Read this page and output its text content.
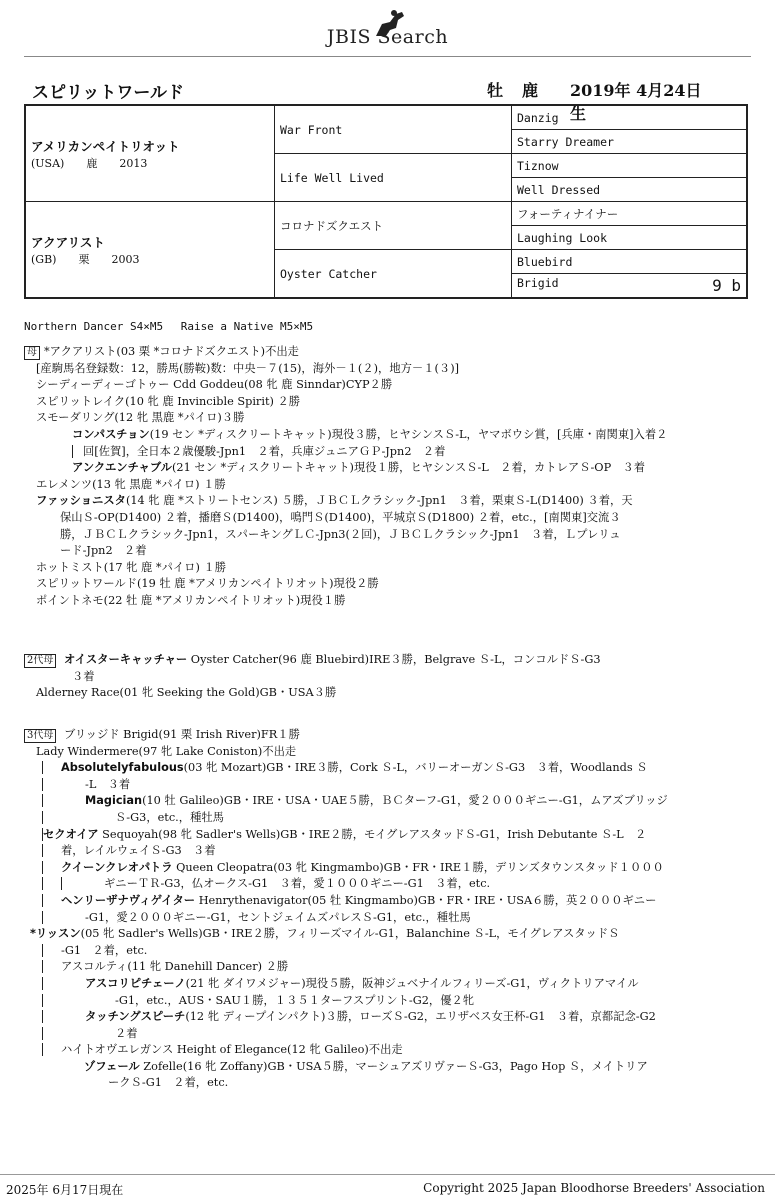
JBIS Search
スピリットワールド	牡 鹿 2019年 4月24日生
アメリカンペイトリオット
(USA)　　鹿　　2013	War Front	Danzig
		Starry Dreamer
	Life Well Lived	Tiznow
		Well Dressed

アクアリスト
(GB)　　栗　　2003	コロナドズクエスト	フォーティナイナー
		Laughing Look
	Oyster Catcher	Bluebird
		Brigid 9 b
Northern Dancer S4×M5　 Raise a Native M5×M5
母 *アクアリスト(03 栗 *コロナドズクエスト)不出走
[産駒馬名登録数：12，勝馬(勝鞍)数：中央－７(15)，海外－１(２)，地方－１(３)]
シーディーディーゴトゥー Cdd Goddeu(08 牝 鹿 Sinndar)CYP２勝
スピリットレイク(10 牝 鹿 Invincible Spirit) ２勝
スモーダリング(12 牝 黒鹿 *パイロ)３勝
コンパスチョン(19 セン *ディスクリートキャット)現役３勝，ヒヤシンスＳ-L，ヤマボウシ賞，[兵庫・南関東]入着２
回[佐賀]，全日本２歳優駿-Jpn1　２着，兵庫ジュニアＧＰ-Jpn2　２着
アンクエンチャブル(21 セン *ディスクリートキャット)現役１勝，ヒヤシンスＳ-L　２着，カトレアＳ-OP　３着
エレメンツ(13 牝 黒鹿 *パイロ) １勝
ファッショニスタ(14 牝 鹿 *ストリートセンス) ５勝，ＪＢＣＬクラシック-Jpn1　３着，栗東Ｓ-L(D1400) ３着，天
保山Ｓ-OP(D1400) ２着，播磨Ｓ(D1400)，鳴門Ｓ(D1400)，平城京Ｓ(D1800) ２着，etc.，[南関東]交流３
勝，ＪＢＣＬクラシック-Jpn1，スパーキングＬＣ-Jpn3(２回)，ＪＢＣＬクラシック-Jpn1　３着，Ｌプレリュ
ード-Jpn2　２着
ホットミスト(17 牝 鹿 *パイロ) １勝
スピリットワールド(19 牡 鹿 *アメリカンペイトリオット)現役２勝
ポイントネモ(22 牡 鹿 *アメリカンペイトリオット)現役１勝
2代母 オイスターキャッチャー Oyster Catcher(96 鹿 Bluebird)IRE３勝，Belgrave Ｓ-L，コンコルドＳ-G3
３着
Alderney Race(01 牝 Seeking the Gold)GB・USA３勝
3代母 ブリッジド Brigid(91 栗 Irish River)FR１勝
Lady Windermere(97 牝 Lake Coniston)不出走
Absolutelyfabulous(03 牝 Mozart)GB・IRE３勝，Cork Ｓ-L，バリーオーガンＳ-G3　３着，Woodlands Ｓ
-L　３着
Magician(10 牡 Galileo)GB・IRE・USA・UAE５勝，ＢＣターフ-G1，愛２０００ギニー-G1，ムアズブリッジ
Ｓ-G3，etc.，種牡馬
セクオイア Sequoyah(98 牝 Sadler's Wells)GB・IRE２勝，モイグレアスタッドＳ-G1，Irish Debutante Ｓ-L　２
着，レイルウェイＳ-G3　３着
クイーンクレオパトラ Queen Cleopatra(03 牝 Kingmambo)GB・FR・IRE１勝，デリンズタウンスタッド１０００
ギニーＴＲ-G3，仏オークス-G1　３着，愛１０００ギニー-G1　３着，etc.
ヘンリーザナヴィゲイター Henrythenavigator(05 牡 Kingmambo)GB・FR・IRE・USA６勝，英２０００ギニー
-G1，愛２０００ギニー-G1，セントジェイムズパレスＳ-G1，etc.，種牡馬
*リッスン(05 牝 Sadler's Wells)GB・IRE２勝，フィリーズマイル-G1，Balanchine Ｓ-L，モイグレアスタッドＳ
-G1　２着，etc.
アスコルティ(11 牝 Danehill Dancer) ２勝
アスコリピチェーノ(21 牝 ダイワメジャー)現役５勝，阪神ジュベナイルフィリーズ-G1，ヴィクトリアマイル
-G1，etc.，AUS・SAU１勝，１３５１ターフスプリント-G2，優２牝
タッチングスピーチ(12 牝 ディープインパクト)３勝，ローズＳ-G2，エリザベス女王杯-G1　３着，京都記念-G2
２着
ハイトオヴエレガンス Height of Elegance(12 牝 Galileo)不出走
ゾフェール Zofelle(16 牝 Zoffany)GB・USA５勝，マーシュアズリヴァーＳ-G3，Pago Hop Ｓ，メイトリア
ークＳ-G1　２着，etc.
2025年 6月17日現在	Copyright 2025 Japan Bloodhorse Breeders' Association
